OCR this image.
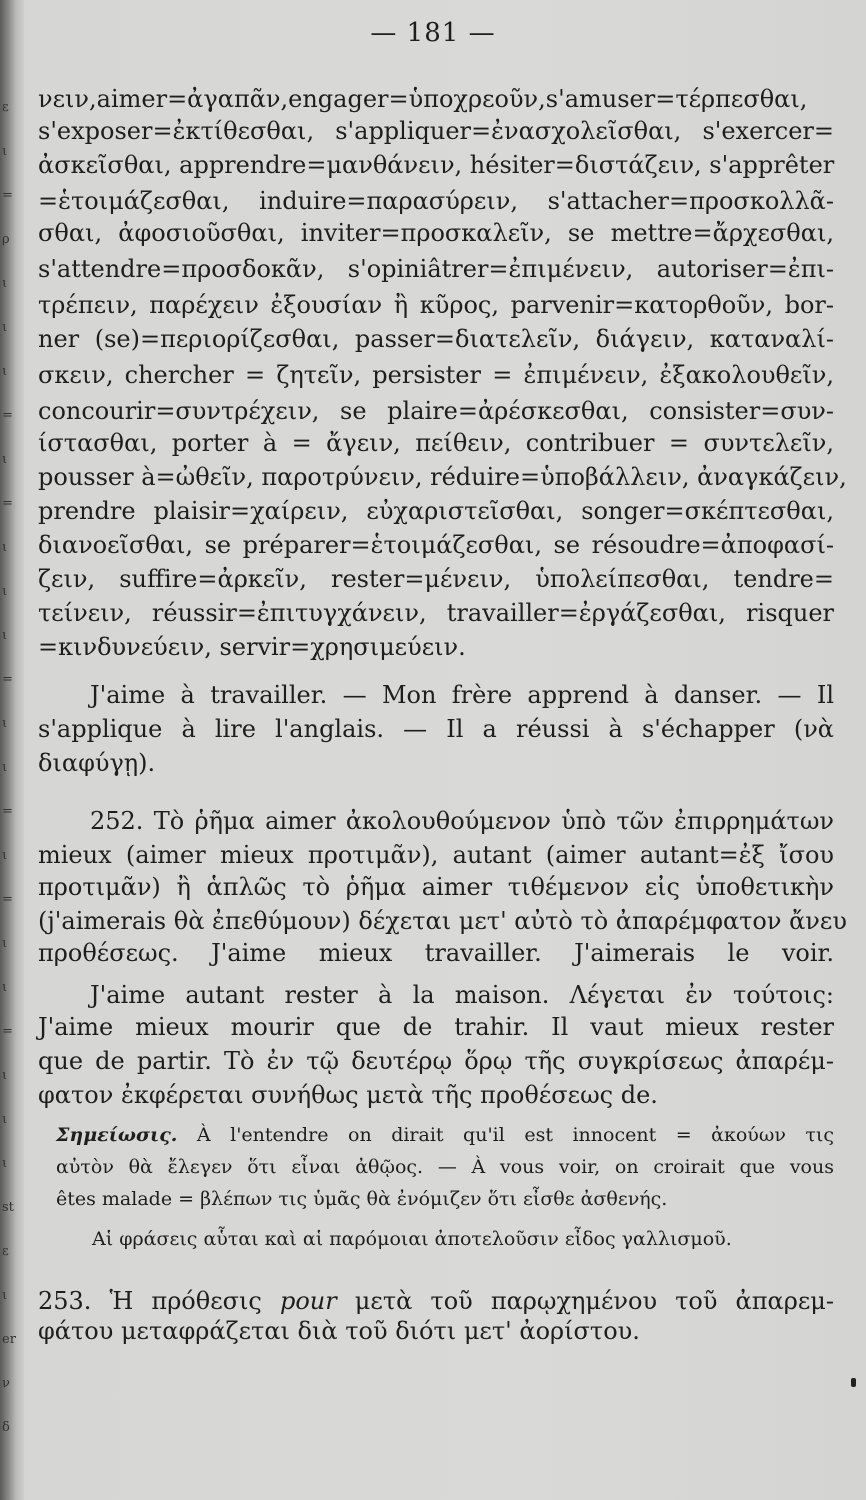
ε
ι
=
ρ
ι
ι
ι
=
ι
=
ι
ι
ι
=
ι
ι
=
ι
=
ι
ι
=
ι
ι
ι
st
ε
ι
er
ν
δ
— 181 —
νειν,aimer=ἀγαπᾶν,engager=ὑποχρεοῦν,s'amuser=τέρπεσθαι,
s'exposer=ἐκτίθεσθαι, s'appliquer=ἐνασχολεῖσθαι, s'exercer=
ἀσκεῖσθαι, apprendre=μανθάνειν, hésiter=διστάζειν, s'apprêter
=ἑτοιμάζεσθαι, induire=παρασύρειν, s'attacher=προσκολλᾶ-
σθαι, ἀφοσιοῦσθαι, inviter=προσκαλεῖν, se mettre=ἄρχεσθαι,
s'attendre=προσδοκᾶν, s'opiniâtrer=ἐπιμένειν, autoriser=ἐπι-
τρέπειν, παρέχειν ἐξουσίαν ἢ κῦρος, parvenir=κατορθοῦν, bor-
ner (se)=περιορίζεσθαι, passer=διατελεῖν, διάγειν, καταναλί-
σκειν, chercher = ζητεῖν, persister = ἐπιμένειν, ἐξακολουθεῖν,
concourir=συντρέχειν, se plaire=ἀρέσκεσθαι, consister=συν-
ίστασθαι, porter à = ἄγειν, πείθειν, contribuer = συντελεῖν,
pousser à=ὠθεῖν, παροτρύνειν, réduire=ὑποβάλλειν, ἀναγκάζειν,
prendre plaisir=χαίρειν, εὐχαριστεῖσθαι, songer=σκέπτεσθαι,
διανοεῖσθαι, se préparer=ἑτοιμάζεσθαι, se résoudre=ἀποφασί-
ζειν, suffire=ἀρκεῖν, rester=μένειν, ὑπολείπεσθαι, tendre=
τείνειν, réussir=ἐπιτυγχάνειν, travailler=ἐργάζεσθαι, risquer
=κινδυνεύειν, servir=χρησιμεύειν.
J'aime à travailler. — Mon frère apprend à danser. — Il
s'applique à lire l'anglais. — Il a réussi à s'échapper (νὰ
διαφύγῃ).
252. Τὸ ῥῆμα aimer ἀκολουθούμενον ὑπὸ τῶν ἐπιρρημάτων
mieux (aimer mieux προτιμᾶν), autant (aimer autant=ἐξ ἴσου
προτιμᾶν) ἢ ἁπλῶς τὸ ῥῆμα aimer τιθέμενον εἰς ὑποθετικὴν
(j'aimerais θὰ ἐπεθύμουν) δέχεται μετ' αὐτὸ τὸ ἀπαρέμφατον ἄνευ
προθέσεως. J'aime mieux travailler. J'aimerais le voir.
J'aime autant rester à la maison. Λέγεται ἐν τούτοις:
J'aime mieux mourir que de trahir. Il vaut mieux rester
que de partir. Τὸ ἐν τῷ δευτέρῳ ὅρῳ τῆς συγκρίσεως ἀπαρέμ-
φατον ἐκφέρεται συνήθως μετὰ τῆς προθέσεως de.
Σημείωσις. À l'entendre on dirait qu'il est innocent = ἀκούων τις
αὐτὸν θὰ ἔλεγεν ὅτι εἶναι ἀθῷος. — À vous voir, on croirait que vous
êtes malade = βλέπων τις ὑμᾶς θὰ ἐνόμιζεν ὅτι εἶσθε ἀσθενής.
Αἱ φράσεις αὗται καὶ αἱ παρόμοιαι ἀποτελοῦσιν εἶδος γαλλισμοῦ.
253. Ἡ πρόθεσις pour μετὰ τοῦ παρῳχημένου τοῦ ἀπαρεμ-
φάτου μεταφράζεται διὰ τοῦ διότι μετ' ἀορίστου.
